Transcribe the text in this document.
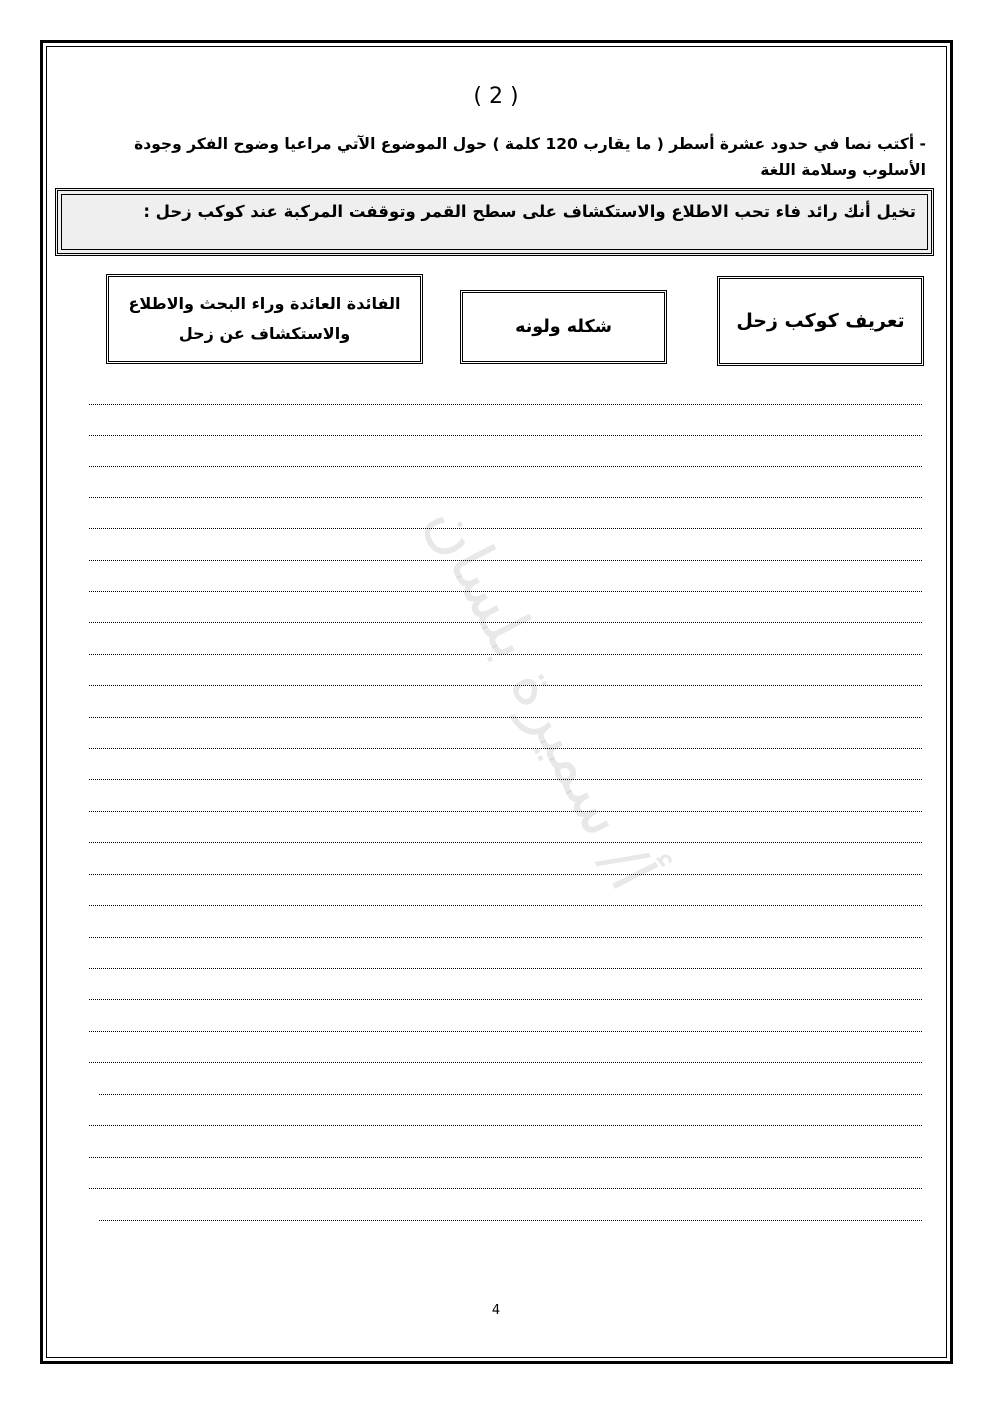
( 2 )
- أكتب نصا في حدود عشرة أسطر ( ما يقارب 120 كلمة ) حول الموضوع الآتي مراعيا وضوح الفكر وجودة الأسلوب وسلامة اللغة
تخيل أنك رائد فاء تحب الاطلاع والاستكشاف على سطح القمر وتوقفت المركبة عند كوكب زحل :
تعريف كوكب زحل
شكله ولونه
الفائدة العائدة وراء البحث والاطلاع والاستكشاف عن زحل
أ/ سميرة بلسان
4
